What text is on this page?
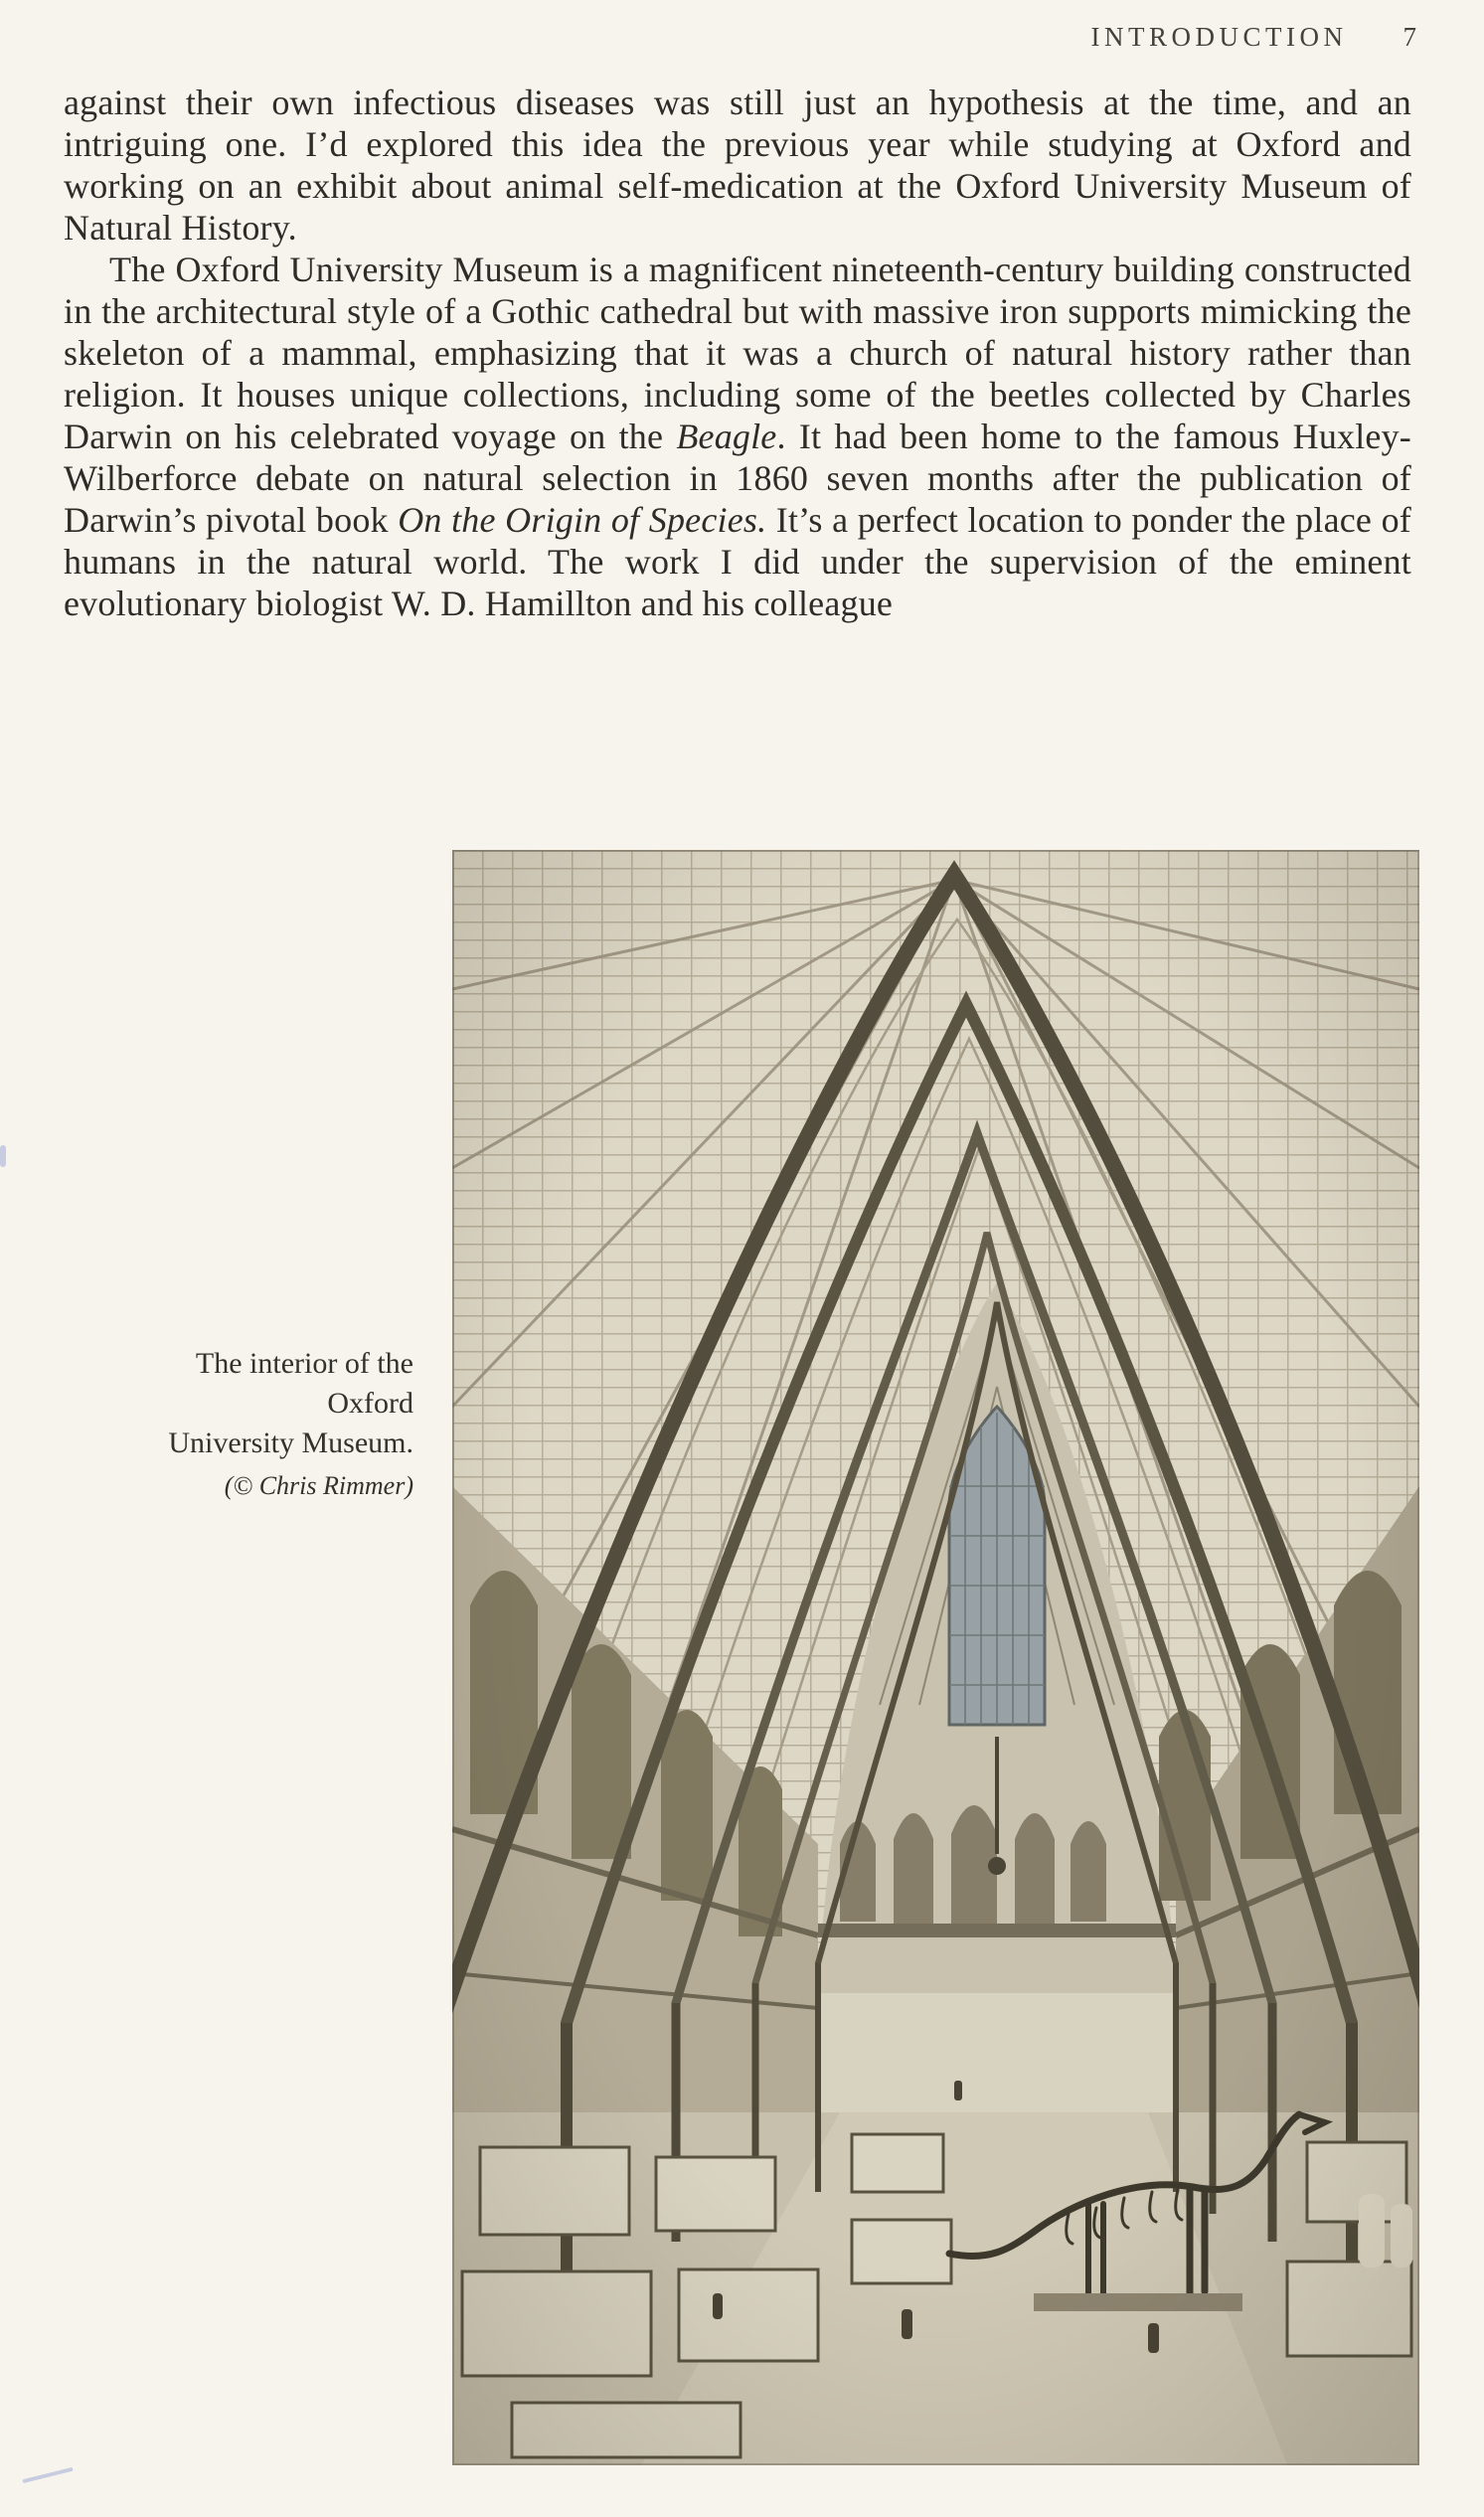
INTRODUCTION 7

against their own infectious diseases was still just an hypothesis at the time, and an intriguing one. I’d explored this idea the previous year while studying at Oxford and working on an exhibit about animal self-medication at the Oxford University Museum of Natural History.

The Oxford University Museum is a magnificent nineteenth-century building constructed in the architectural style of a Gothic cathedral but with massive iron supports mimicking the skeleton of a mammal, emphasizing that it was a church of natural history rather than religion. It houses unique collections, including some of the beetles collected by Charles Darwin on his celebrated voyage on the Beagle. It had been home to the famous Huxley-Wilberforce debate on natural selection in 1860 seven months after the publication of Darwin’s pivotal book On the Origin of Species. It’s a perfect location to ponder the place of humans in the natural world. The work I did under the supervision of the eminent evolutionary biologist W. D. Hamillton and his colleague

The interior of the Oxford
University Museum.
(© Chris Rimmer)
